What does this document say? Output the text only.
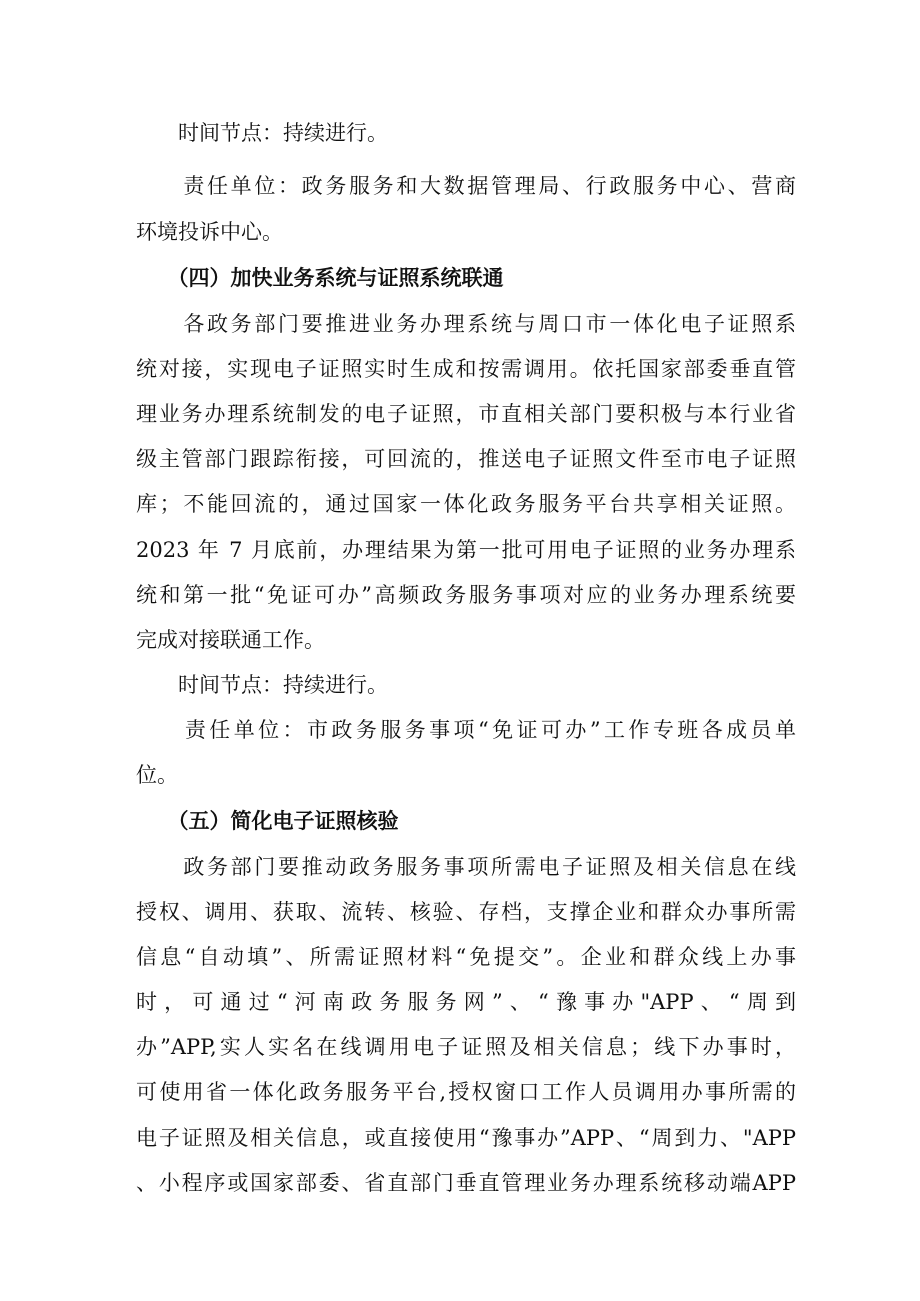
　　时间节点：持续进行。
　　责任单位：政务服务和大数据管理局、行政服务中心、营商
环境投诉中心。
　　（四）加快业务系统与证照系统联通
　　各政务部门要推进业务办理系统与周口市一体化电子证照系
统对接，实现电子证照实时生成和按需调用。依托国家部委垂直管
理业务办理系统制发的电子证照，市直相关部门要积极与本行业省
级主管部门跟踪衔接，可回流的，推送电子证照文件至市电子证照
库；不能回流的，通过国家一体化政务服务平台共享相关证照。
2023 年 7 月底前，办理结果为第一批可用电子证照的业务办理系
统和第一批“免证可办”高频政务服务事项对应的业务办理系统要
完成对接联通工作。
　　时间节点：持续进行。
　　责任单位：市政务服务事项“免证可办”工作专班各成员单
位。
　　（五）简化电子证照核验
　　政务部门要推动政务服务事项所需电子证照及相关信息在线
授权、调用、获取、流转、核验、存档，支撑企业和群众办事所需
信息“自动填”、所需证照材料“免提交”。企业和群众线上办事
时，可通过“河南政务服务网”、“豫事办"APP、“周到
办”APP,实人实名在线调用电子证照及相关信息；线下办事时，
可使用省一体化政务服务平台,授权窗口工作人员调用办事所需的
电子证照及相关信息，或直接使用“豫事办”APP、“周到力、"APP
、小程序或国家部委、省直部门垂直管理业务办理系统移动端APP
